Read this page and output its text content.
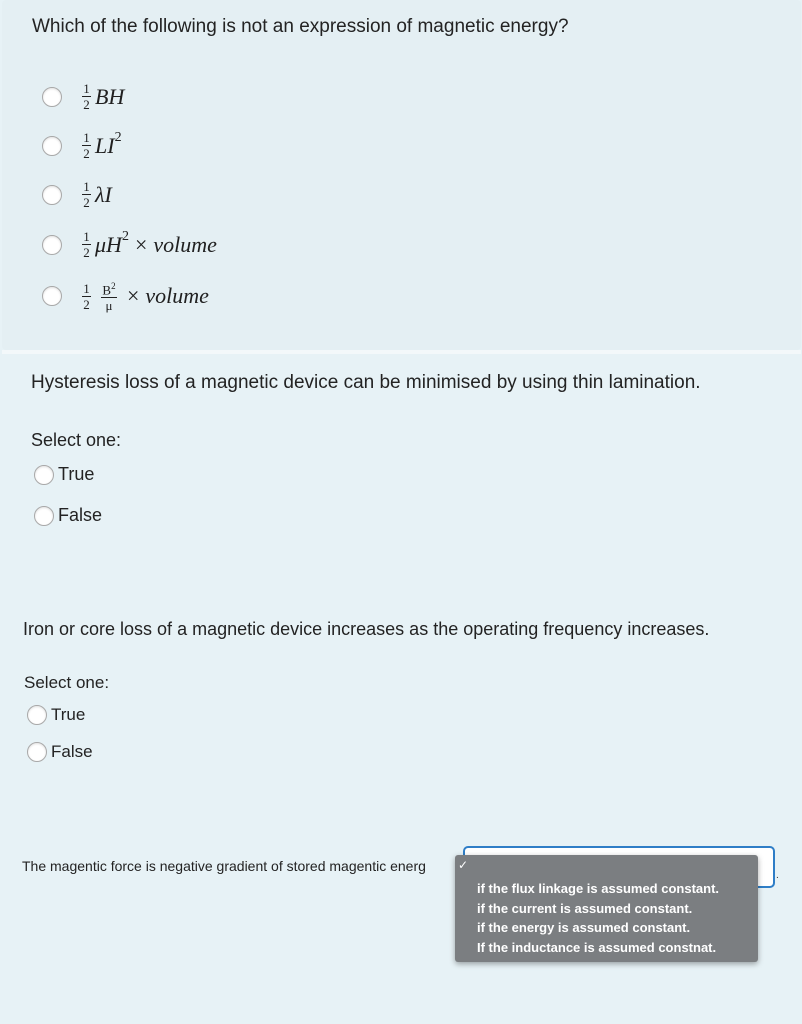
Which of the following is not an expression of magnetic energy?
$\frac{1}{2}$ BH
$\frac{1}{2}$ LI 2
$\frac{1}{2}$ λI
$\frac{1}{2}$ μH 2 × volume
$\frac{1}{2} \frac{B^2}{\mu}$ × volume
Hysteresis loss of a magnetic device can be minimised by using thin lamination.
Select one:
True
False
Iron or core loss of a magnetic device increases as the operating frequency increases.
Select one:
True
False
The magentic force is negative gradient of stored magentic energ
.
✓
if the flux linkage is assumed constant.
if the current is assumed constant.
if the energy is assumed constant.
If the inductance is assumed constnat.
